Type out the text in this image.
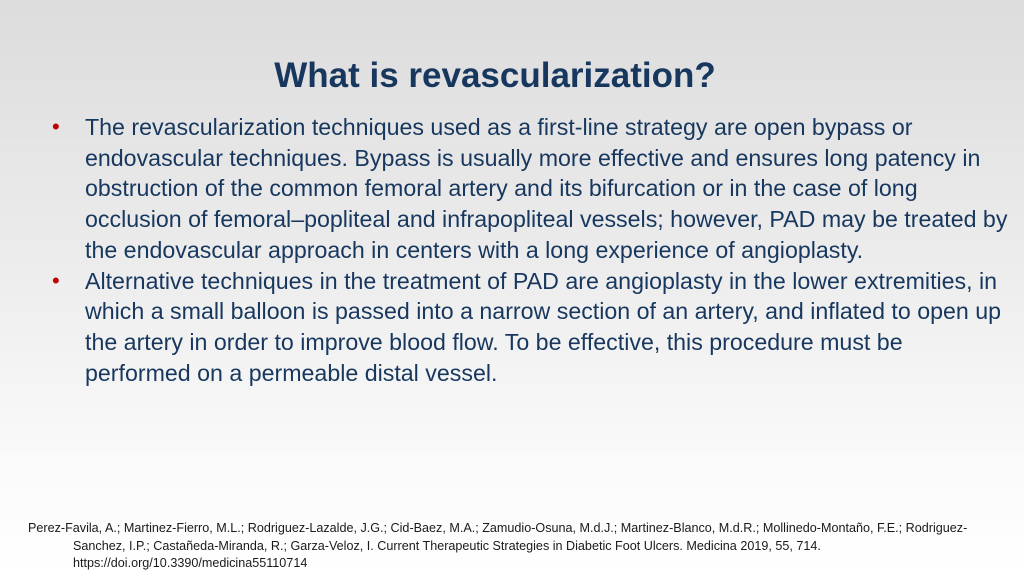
What is revascularization?
• The revascularization techniques used as a first-line strategy are open bypass or endovascular techniques. Bypass is usually more effective and ensures long patency in obstruction of the common femoral artery and its bifurcation or in the case of long occlusion of femoral–popliteal and infrapopliteal vessels; however, PAD may be treated by the endovascular approach in centers with a long experience of angioplasty.
• Alternative techniques in the treatment of PAD are angioplasty in the lower extremities, in which a small balloon is passed into a narrow section of an artery, and inflated to open up the artery in order to improve blood flow. To be effective, this procedure must be performed on a permeable distal vessel.
Perez-Favila, A.; Martinez-Fierro, M.L.; Rodriguez-Lazalde, J.G.; Cid-Baez, M.A.; Zamudio-Osuna, M.d.J.; Martinez-Blanco, M.d.R.; Mollinedo-Montaño, F.E.; Rodriguez-Sanchez, I.P.; Castañeda-Miranda, R.; Garza-Veloz, I. Current Therapeutic Strategies in Diabetic Foot Ulcers. Medicina 2019, 55, 714. https://doi.org/10.3390/medicina55110714
